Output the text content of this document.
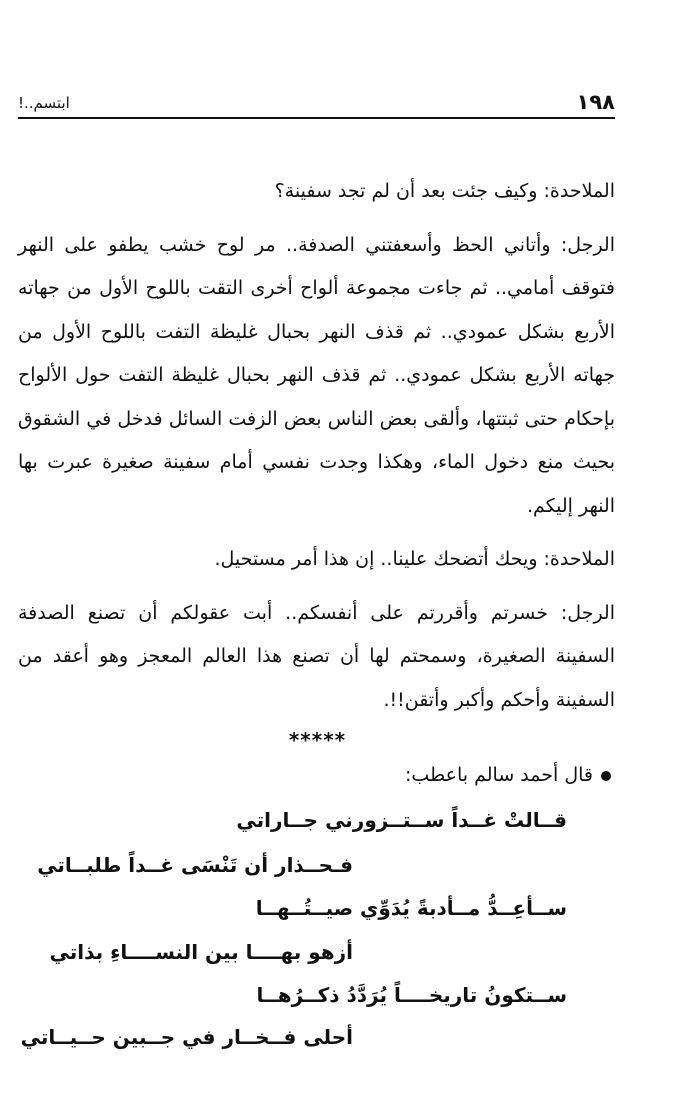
١٩٨
ابتسم..!

الملاحدة: وكيف جئت بعد أن لم تجد سفينة؟

الرجل: وأتاني الحظ وأسعفتني الصدفة.. مر لوح خشب يطفو على النهر فتوقف أمامي.. ثم جاءت مجموعة ألواح أخرى التقت باللوح الأول من جهاته الأربع بشكل عمودي.. ثم قذف النهر بحبال غليظة التفت باللوح الأول من جهاته الأربع بشكل عمودي.. ثم قذف النهر بحبال غليظة التفت حول الألواح بإحكام حتى ثبتتها، وألقى بعض الناس بعض الزفت السائل فدخل في الشقوق بحيث منع دخول الماء، وهكذا وجدت نفسي أمام سفينة صغيرة عبرت بها النهر إليكم.

الملاحدة: ويحك أتضحك علينا.. إن هذا أمر مستحيل.

الرجل: خسرتم وأقررتم على أنفسكم.. أبت عقولكم أن تصنع الصدفة السفينة الصغيرة، وسمحتم لها أن تصنع هذا العالم المعجز وهو أعقد من السفينة وأحكم وأكبر وأتقن!!.

*****
قال أحمد سالم باعطب:
قــالتْ غــداً ســتــزورني جــاراتي
فـحــذار أن تَنْسَى غــداً طلبــاتي
ســأعِــدُّ مــأدبةً يُدَوِّي صيــتُــهــا
أزهو بهــــا بين النســــاءِ بذاتي
ســتكونُ تاريخــــاً يُرَدَّدُ ذكــرُهــا
أحلى فــخــار في جــبين حــيــاتي
